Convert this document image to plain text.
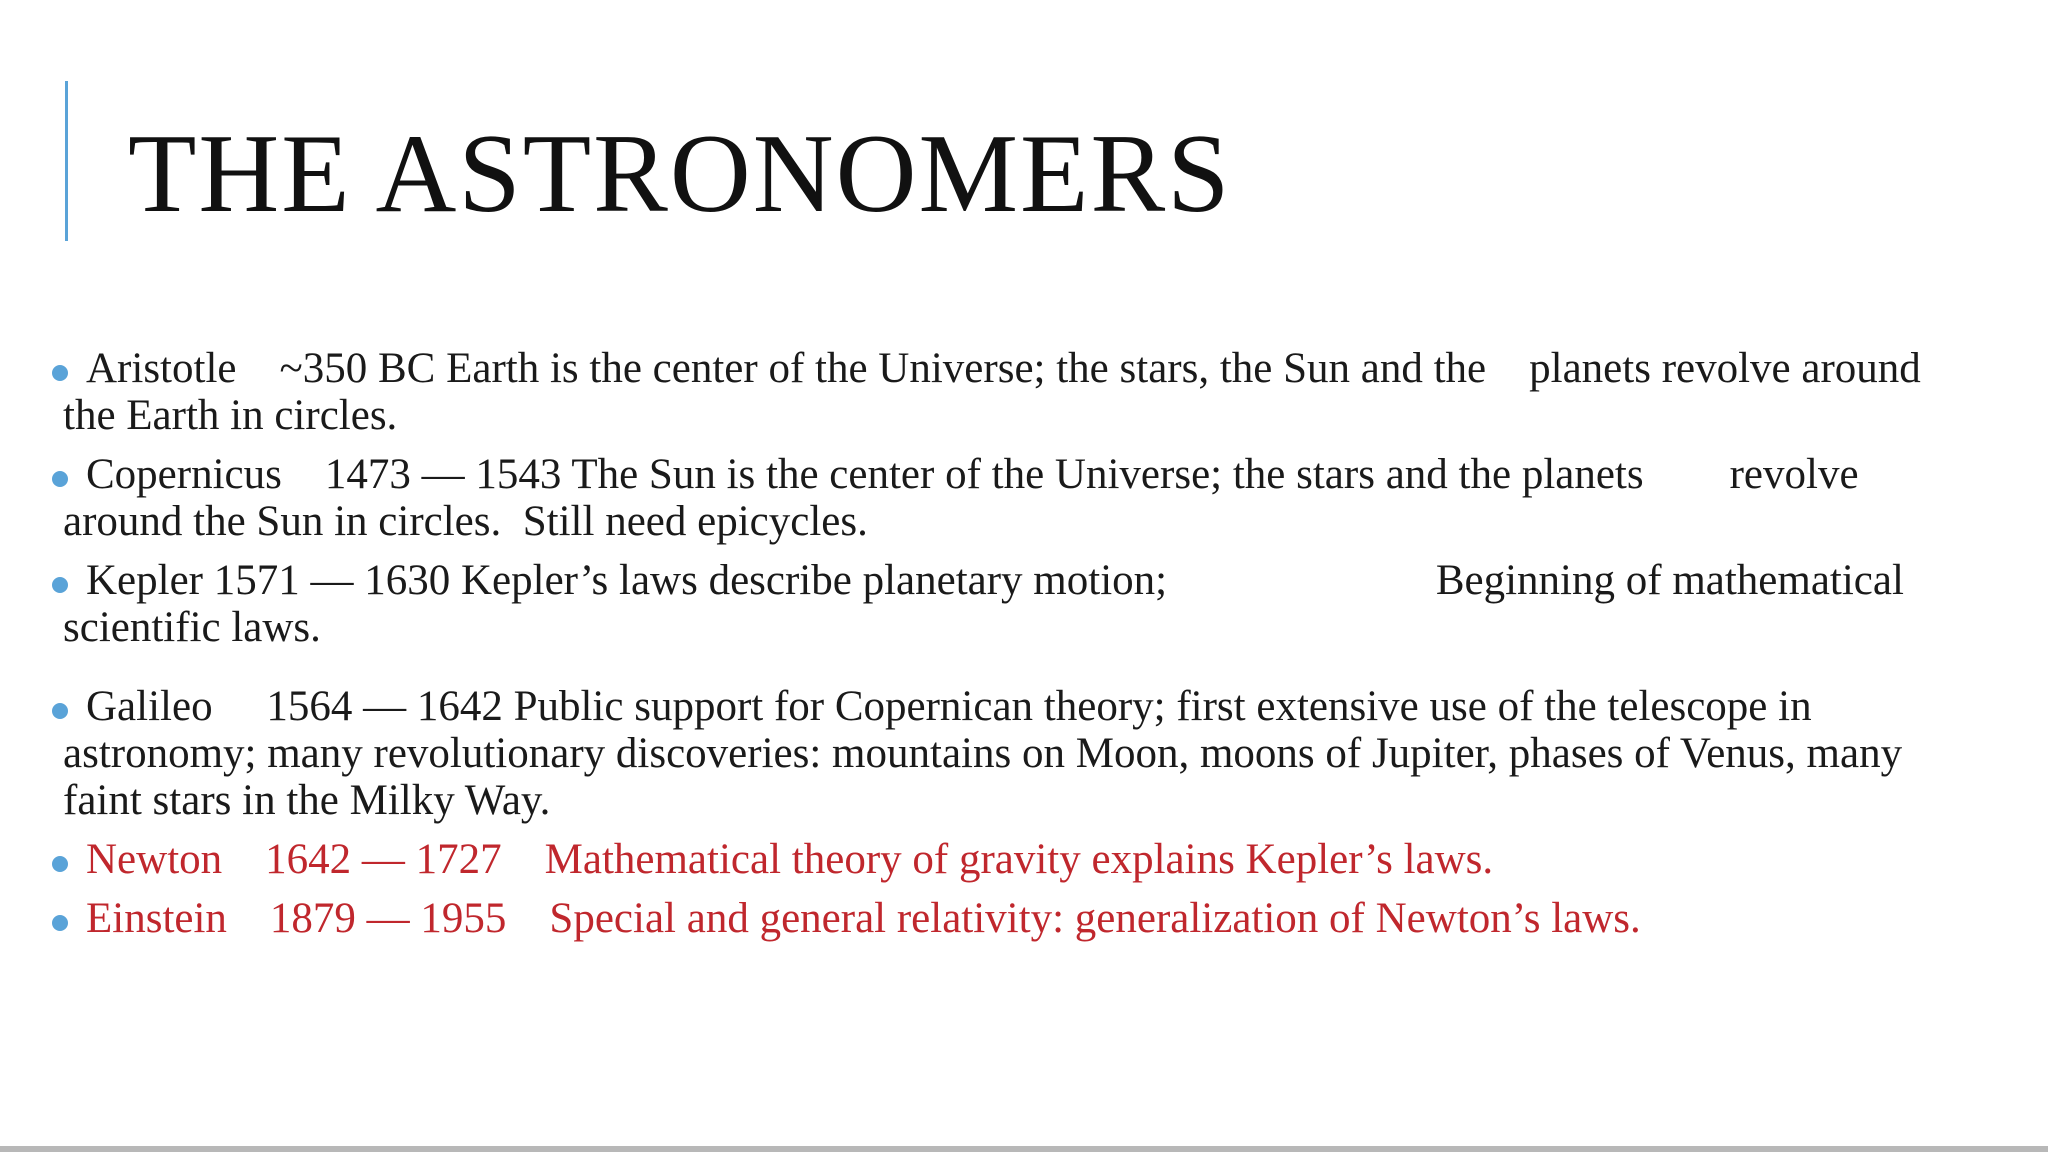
THE ASTRONOMERS
Aristotle    ~350 BC Earth is the center of the Universe; the stars, the Sun and the    planets revolve around
the Earth in circles.
Copernicus    1473 — 1543 The Sun is the center of the Universe; the stars and the planets        revolve
around the Sun in circles.  Still need epicycles.
Kepler 1571 — 1630 Kepler’s laws describe planetary motion;                         Beginning of mathematical
scientific laws.
Galileo     1564 — 1642 Public support for Copernican theory; first extensive use of the telescope in
astronomy; many revolutionary discoveries: mountains on Moon, moons of Jupiter, phases of Venus, many
faint stars in the Milky Way.
Newton    1642 — 1727    Mathematical theory of gravity explains Kepler’s laws.
Einstein    1879 — 1955    Special and general relativity: generalization of Newton’s laws.
